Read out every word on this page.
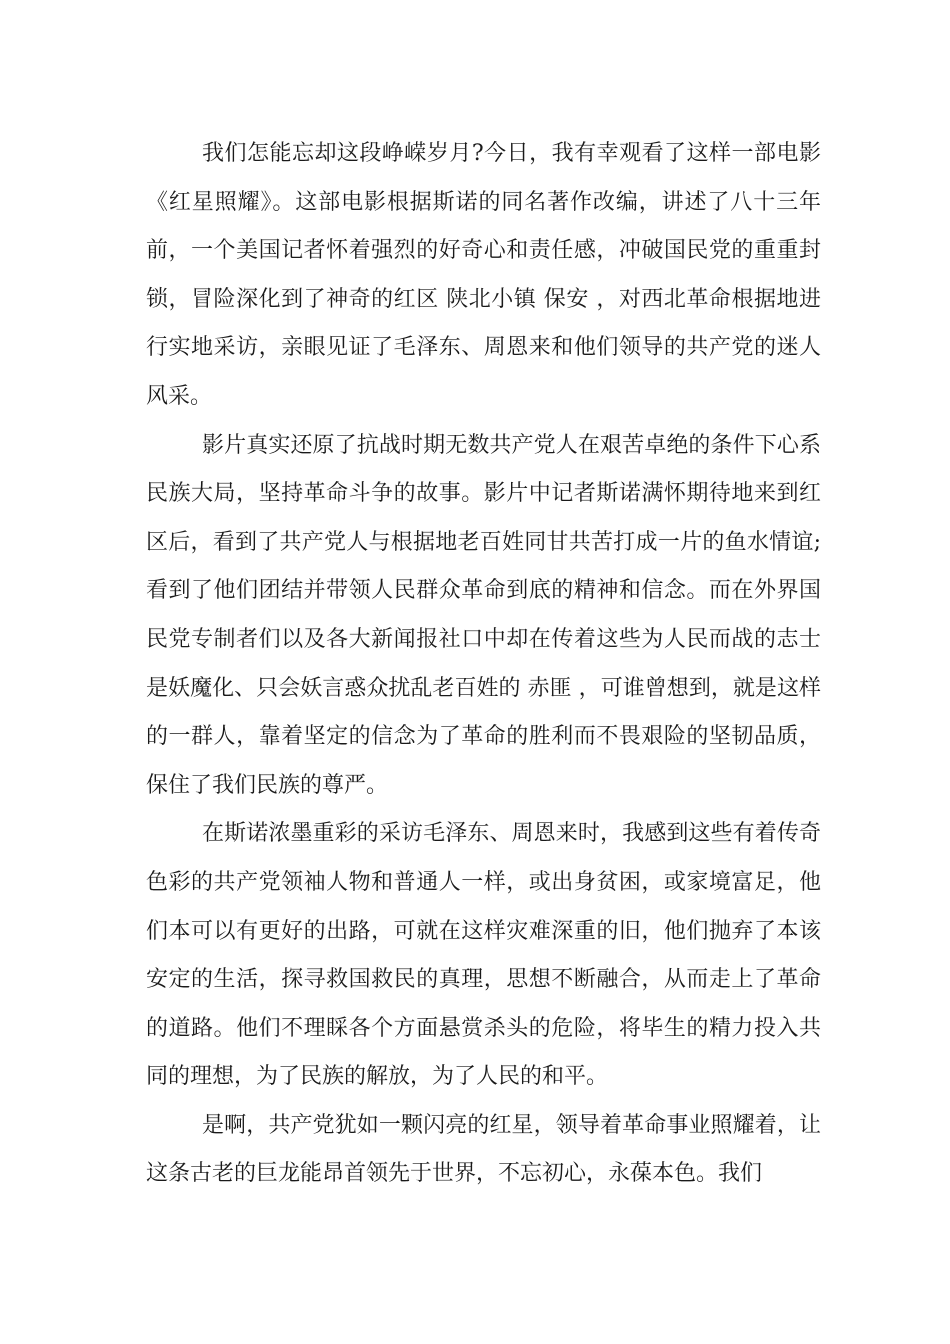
我们怎能忘却这段峥嵘岁月?今日，我有幸观看了这样一部电影《红星照耀》。这部电影根据斯诺的同名著作改编，讲述了八十三年前，一个美国记者怀着强烈的好奇心和责任感，冲破国民党的重重封锁，冒险深化到了神奇的红区 陕北小镇 保安 ，对西北革命根据地进行实地采访，亲眼见证了毛泽东、周恩来和他们领导的共产党的迷人风采。

影片真实还原了抗战时期无数共产党人在艰苦卓绝的条件下心系民族大局，坚持革命斗争的故事。影片中记者斯诺满怀期待地来到红区后，看到了共产党人与根据地老百姓同甘共苦打成一片的鱼水情谊;看到了他们团结并带领人民群众革命到底的精神和信念。而在外界国民党专制者们以及各大新闻报社口中却在传着这些为人民而战的志士是妖魔化、只会妖言惑众扰乱老百姓的 赤匪 ，可谁曾想到，就是这样的一群人，靠着坚定的信念为了革命的胜利而不畏艰险的坚韧品质，保住了我们民族的尊严。

在斯诺浓墨重彩的采访毛泽东、周恩来时，我感到这些有着传奇色彩的共产党领袖人物和普通人一样，或出身贫困，或家境富足，他们本可以有更好的出路，可就在这样灾难深重的旧，他们抛弃了本该安定的生活，探寻救国救民的真理，思想不断融合，从而走上了革命的道路。他们不理睬各个方面悬赏杀头的危险，将毕生的精力投入共同的理想，为了民族的解放，为了人民的和平。

是啊，共产党犹如一颗闪亮的红星，领导着革命事业照耀着，让这条古老的巨龙能昂首领先于世界，不忘初心，永葆本色。我们
